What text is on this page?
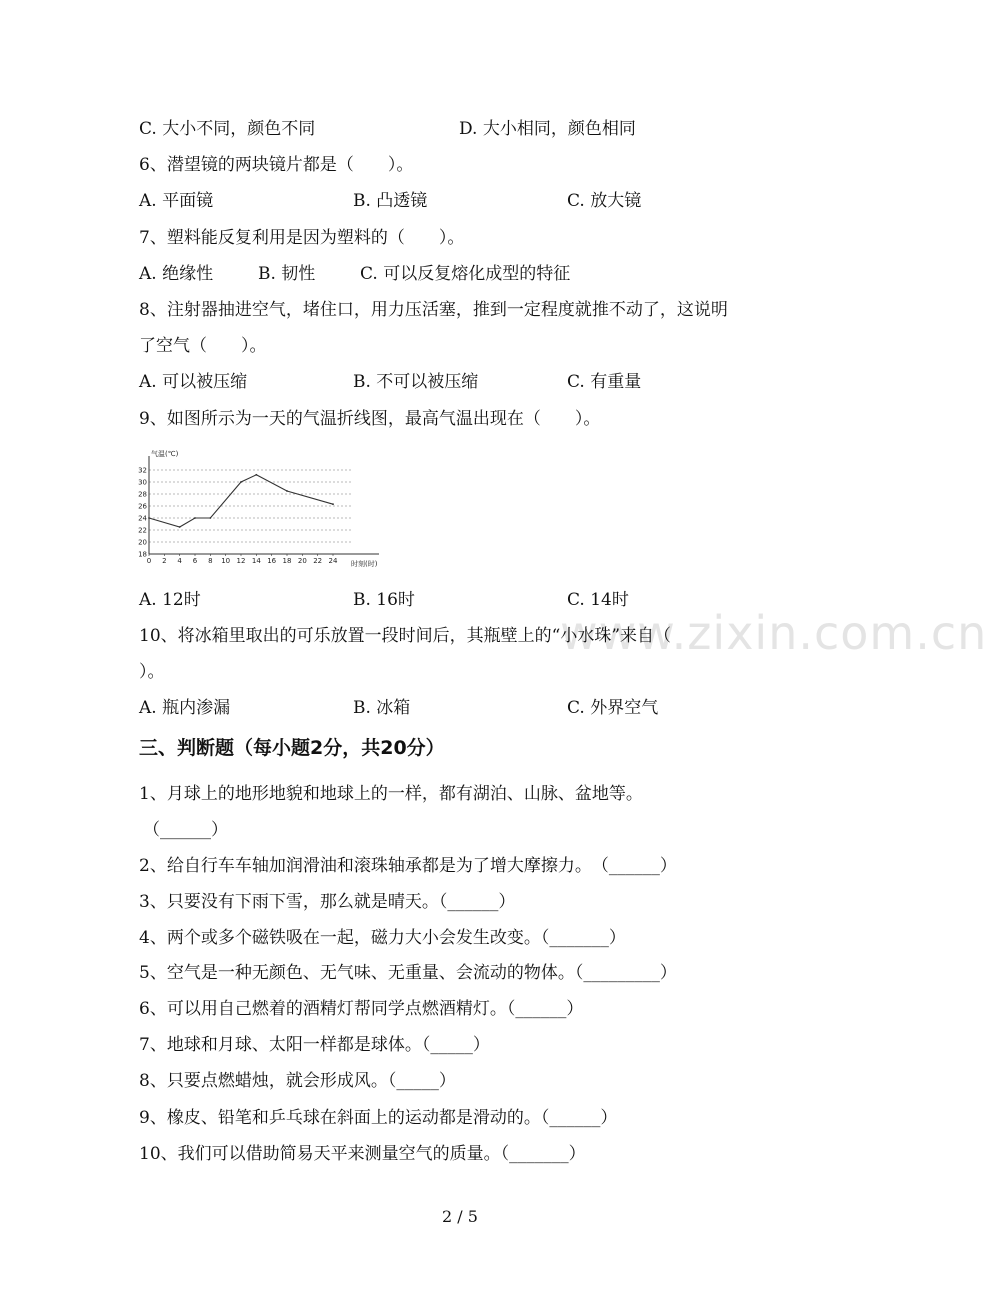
www.zixin.com.cn
C. 大小不同，颜色不同	D. 大小相同，颜色相同
6、潜望镜的两块镜片都是（　　）。
A. 平面镜	B. 凸透镜	C. 放大镜
7、塑料能反复利用是因为塑料的（　　）。
A. 绝缘性	B. 韧性	C. 可以反复熔化成型的特征
8、注射器抽进空气，堵住口，用力压活塞，推到一定程度就推不动了，这说明
了空气（　　）。
A. 可以被压缩	B. 不可以被压缩	C. 有重量
9、如图所示为一天的气温折线图，最高气温出现在（　　）。
18
20
22
24
26
28
30
32
0 2 4 6 8 10 12 14 16 18 20 22 24
气温(℃)
时刻(时)
A. 12时	B. 16时	C. 14时
10、将冰箱里取出的可乐放置一段时间后，其瓶壁上的“小水珠”来自（
）。
A. 瓶内渗漏	B. 冰箱	C. 外界空气
三、判断题（每小题2分，共20分）
1、月球上的地形地貌和地球上的一样，都有湖泊、山脉、盆地等。
（______）
2、给自行车车轴加润滑油和滚珠轴承都是为了增大摩擦力。　（______）
3、只要没有下雨下雪，那么就是晴天。（______）
4、两个或多个磁铁吸在一起，磁力大小会发生改变。（_______）
5、空气是一种无颜色、无气味、无重量、会流动的物体。（_________）
6、可以用自己燃着的酒精灯帮同学点燃酒精灯。（______）
7、地球和月球、太阳一样都是球体。（_____）
8、只要点燃蜡烛，就会形成风。（_____）
9、橡皮、铅笔和乒乓球在斜面上的运动都是滑动的。（______）
10、我们可以借助简易天平来测量空气的质量。（_______）
2 / 5
